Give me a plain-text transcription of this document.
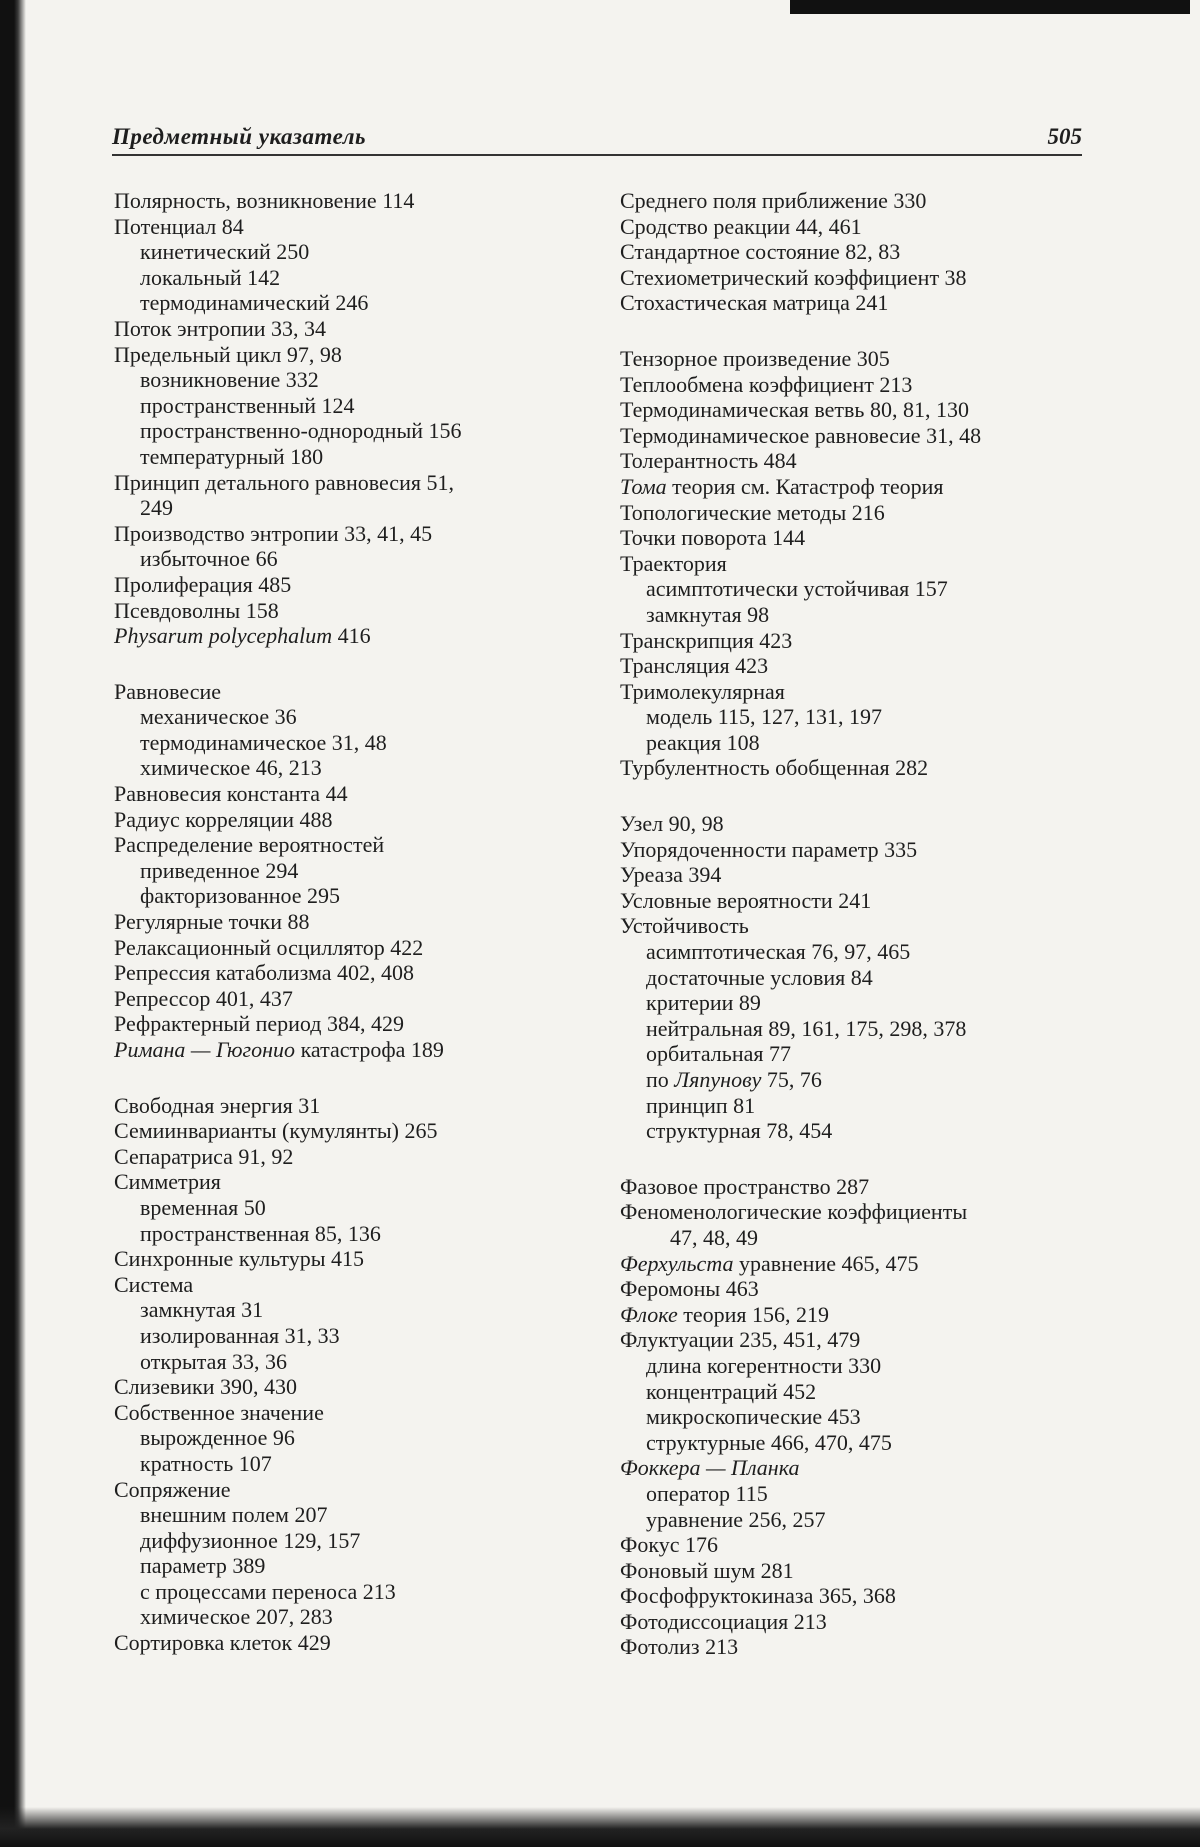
Предметный указатель	505
Полярность, возникновение 114
Потенциал 84
кинетический 250
локальный 142
термодинамический 246
Поток энтропии 33, 34
Предельный цикл 97, 98
возникновение 332
пространственный 124
пространственно-однородный 156
температурный 180
Принцип детального равновесия 51,
249
Производство энтропии 33, 41, 45
избыточное 66
Пролиферация 485
Псевдоволны 158
Physarum polycephalum 416
Равновесие
механическое 36
термодинамическое 31, 48
химическое 46, 213
Равновесия константа 44
Радиус корреляции 488
Распределение вероятностей
приведенное 294
факторизованное 295
Регулярные точки 88
Релаксационный осциллятор 422
Репрессия катаболизма 402, 408
Репрессор 401, 437
Рефрактерный период 384, 429
Римана — Гюгонио катастрофа 189
Свободная энергия 31
Семиинварианты (кумулянты) 265
Сепаратриса 91, 92
Симметрия
временная 50
пространственная 85, 136
Синхронные культуры 415
Система
замкнутая 31
изолированная 31, 33
открытая 33, 36
Слизевики 390, 430
Собственное значение
вырожденное 96
кратность 107
Сопряжение
внешним полем 207
диффузионное 129, 157
параметр 389
с процессами переноса 213
химическое 207, 283
Сортировка клеток 429
Среднего поля приближение 330
Сродство реакции 44, 461
Стандартное состояние 82, 83
Стехиометрический коэффициент 38
Стохастическая матрица 241
Тензорное произведение 305
Теплообмена коэффициент 213
Термодинамическая ветвь 80, 81, 130
Термодинамическое равновесие 31, 48
Толерантность 484
Тома теория см. Катастроф теория
Топологические методы 216
Точки поворота 144
Траектория
асимптотически устойчивая 157
замкнутая 98
Транскрипция 423
Трансляция 423
Тримолекулярная
модель 115, 127, 131, 197
реакция 108
Турбулентность обобщенная 282
Узел 90, 98
Упорядоченности параметр 335
Уреаза 394
Условные вероятности 241
Устойчивость
асимптотическая 76, 97, 465
достаточные условия 84
критерии 89
нейтральная 89, 161, 175, 298, 378
орбитальная 77
по Ляпунову 75, 76
принцип 81
структурная 78, 454
Фазовое пространство 287
Феноменологические коэффициенты
47, 48, 49
Ферхульста уравнение 465, 475
Феромоны 463
Флоке теория 156, 219
Флуктуации 235, 451, 479
длина когерентности 330
концентраций 452
микроскопические 453
структурные 466, 470, 475
Фоккера — Планка
оператор 115
уравнение 256, 257
Фокус 176
Фоновый шум 281
Фосфофруктокиназа 365, 368
Фотодиссоциация 213
Фотолиз 213
